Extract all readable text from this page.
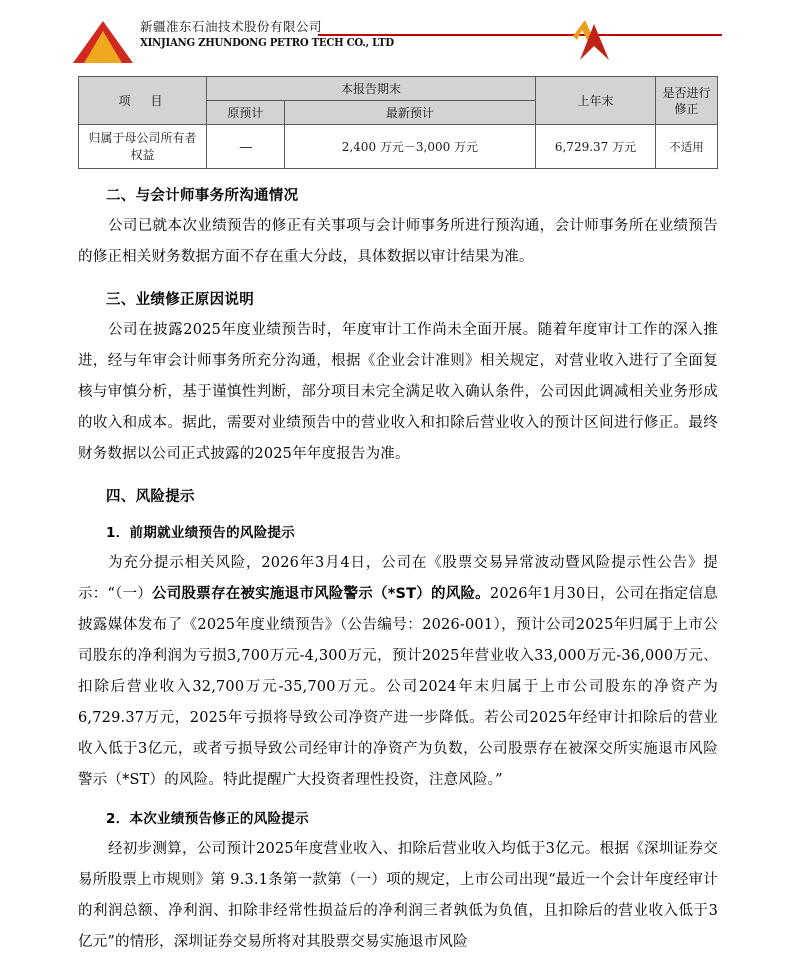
新疆准东石油技术股份有限公司
XINJIANG ZHUNDONG PETRO TECH CO., LTD
项　目	本报告期末		上年末	是否进行修正
	原预计	最新预计		
归属于母公司所有者权益	----	2,400 万元－3,000 万元	6,729.37 万元	不适用
二、与会计师事务所沟通情况

公司已就本次业绩预告的修正有关事项与会计师事务所进行预沟通，会计师事务所在业绩预告的修正相关财务数据方面不存在重大分歧，具体数据以审计结果为准。

三、业绩修正原因说明

公司在披露2025年度业绩预告时，年度审计工作尚未全面开展。随着年度审计工作的深入推进，经与年审会计师事务所充分沟通，根据《企业会计准则》相关规定，对营业收入进行了全面复核与审慎分析，基于谨慎性判断，部分项目未完全满足收入确认条件，公司因此调减相关业务形成的收入和成本。据此，需要对业绩预告中的营业收入和扣除后营业收入的预计区间进行修正。最终财务数据以公司正式披露的2025年年度报告为准。

四、风险提示
1．前期就业绩预告的风险提示

为充分提示相关风险，2026年3月4日，公司在《股票交易异常波动暨风险提示性公告》提示：“（一）公司股票存在被实施退市风险警示（*ST）的风险。2026年1月30日，公司在指定信息披露媒体发布了《2025年度业绩预告》（公告编号：2026-001），预计公司2025年归属于上市公司股东的净利润为亏损3,700万元-4,300万元，预计2025年营业收入33,000万元-36,000万元、扣除后营业收入32,700万元-35,700万元。公司2024年末归属于上市公司股东的净资产为6,729.37万元，2025年亏损将导致公司净资产进一步降低。若公司2025年经审计扣除后的营业收入低于3亿元，或者亏损导致公司经审计的净资产为负数，公司股票存在被深交所实施退市风险警示（*ST）的风险。特此提醒广大投资者理性投资，注意风险。”

2．本次业绩预告修正的风险提示

经初步测算，公司预计2025年度营业收入、扣除后营业收入均低于3亿元。根据《深圳证券交易所股票上市规则》第 9.3.1条第一款第（一）项的规定，上市公司出现“最近一个会计年度经审计的利润总额、净利润、扣除非经常性损益后的净利润三者孰低为负值，且扣除后的营业收入低于3亿元”的情形，深圳证券交易所将对其股票交易实施退市风险
